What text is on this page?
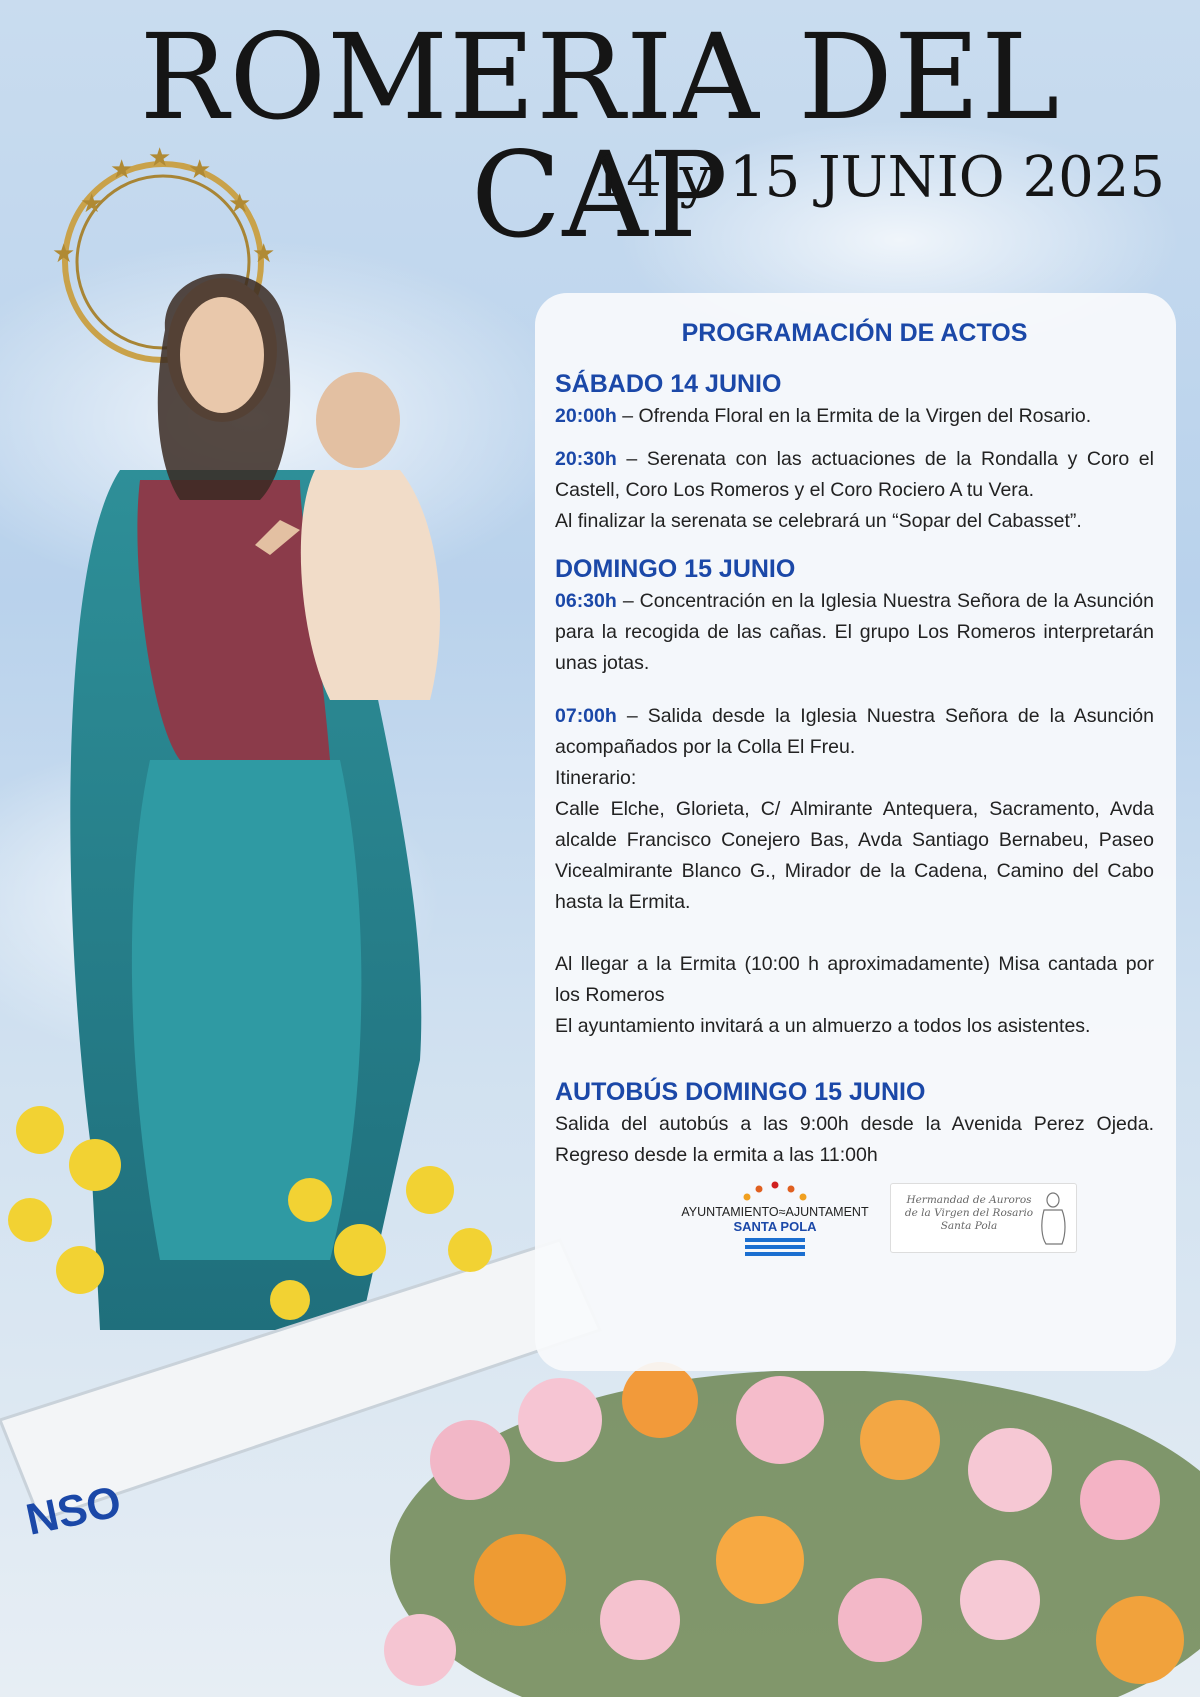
★ ★ ★
★
★
★
★
NSO
ROMERIA DEL CAP
14 y 15 JUNIO 2025
PROGRAMACIÓN DE ACTOS
SÁBADO 14 JUNIO

20:00h – Ofrenda Floral en la Ermita de la Virgen del Rosario.

20:30h – Serenata con las actuaciones de la Rondalla y Coro el Castell, Coro Los Romeros y el Coro Rociero A tu Vera.

Al finalizar la serenata se celebrará un “Sopar del Cabasset”.

DOMINGO 15 JUNIO

06:30h – Concentración en la Iglesia Nuestra Señora de la Asunción para la recogida de las cañas. El grupo Los Romeros interpretarán unas jotas.

07:00h – Salida desde la Iglesia Nuestra Señora de la Asunción acompañados por la Colla El Freu.

Itinerario:

Calle Elche, Glorieta, C/ Almirante Antequera, Sacramento, Avda alcalde Francisco Conejero Bas, Avda Santiago Bernabeu, Paseo Vicealmirante Blanco G., Mirador de la Cadena, Camino del Cabo hasta la Ermita.

Al llegar a la Ermita (10:00 h aproximadamente) Misa cantada por los Romeros

El ayuntamiento invitará a un almuerzo a todos los asistentes.

AUTOBÚS DOMINGO 15 JUNIO

Salida del autobús a las 9:00h desde la Avenida Perez Ojeda. Regreso desde la ermita a las 11:00h

AYUNTAMIENTO≈AJUNTAMENT
SANTA POLA
Hermandad de Auroros de la Virgen del Rosario Santa Pola
